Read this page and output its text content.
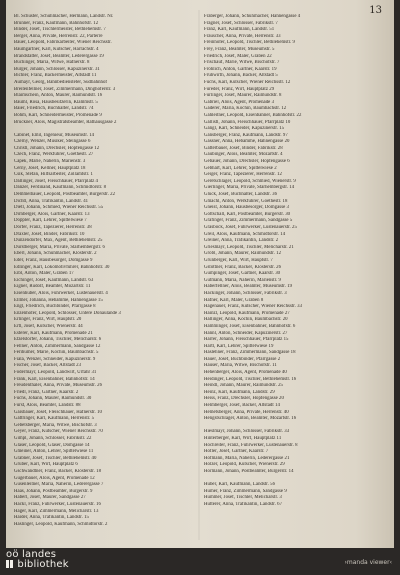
13
Bl. Schuster, Schuhmacher, Hermann, Landstr. Nr.
Brunner, Franz, Kaufmann, Bahnhofstr. 12
Binder, Josef, Tischlermeister, Bethlehemstr. 7
Berger, Anna, Private, Herrenstr. 22, Parterre
Bauer, Leopold, Fabrikarbeiter, Wiener Reichsstr.
Baumgartner, Karl, Kutscher, Harrachstr. 4
Brandstätter, Josef, Beamter, Lederergasse 19
Buchinger, Maria, Witwe, Hafnerstr. 8
Burger, Johann, Schlosser, Kapuzinerstr. 31
Bichler, Franz, Bäckermeister, Altstadt 11
Aumayr, Georg, Bahnbediensteter, Südbahnhof
Breitenfellner, Josef, Zimmermann, Dinghoferstr. 3
Blaimschein, Anton, Maurer, Raimundstr. 16
Bäuml, Rosa, Hausbesitzerin, Klammstr. 5
Baier, Friedrich, Buchhalter, Landstr. 74
Böhm, Karl, Schneidermeister, Promenade 9
Bruckner, Alois, Magistratsbeamter, Rathausgasse 2
Cabinet, Emil, Ingenieur, Museumstr. 14
Czerny, Wenzel, Musiker, Steingasse 6
Christl, Johann, Drechsler, Hopfengasse 12
Czech, Franz, Werkführer, Goethestr. 27
Capek, Marie, Näherin, Marienstr. 3
Cerny, Josef, Kellner, Hauptplatz 18
Csik, Stefan, Hilfsarbeiter, Zollamtstr. 1
Dallinger, Josef, Fleischhauer, Pfarrplatz 4
Danzer, Ferdinand, Kaufmann, Schmidtorstr. 8
Demmelbauer, Leopold, Postbeamter, Bürgerstr. 22
Dichtl, Anna, Trafikantin, Landstr. 41
Dietl, Johann, Schmied, Wiener Reichsstr. 55
Dirnberger, Alois, Gärtner, Kaarstr. 13
Doppler, Karl, Lehrer, Spittelwiese 7
Dorfer, Franz, Tapezierer, Herrenstr. 38
Draxler, Josef, Binder, Fabrikstr. 10
Dunzendorfer, Max, Agent, Bethlehemstr. 25
Durstberger, Maria, Private, Starhembergstr. 6
Eberl, Johann, Schuhmacher, Klosterstr. 2
Eder, Franz, Hausbesorger, Domgasse 9
Edlinger, Karl, Lokomotivführer, Bahnhofstr. 30
Eibl, Anton, Maler, Graben 17
Eichinger, Josef, Kaufmann, Landstr. 63
Eigner, Rudolf, Beamter, Mozartstr. 11
Eisenhuber, Alois, Fuhrwerker, Lustenauerstr. 4
Ellmer, Johanna, Hebamme, Hahnengasse 15
Engl, Friedrich, Buchbinder, Pfarrgasse 8
Enzenhofer, Leopold, Schlosser, Untere Donaulände 3
Erlinger, Franz, Wirt, Hauptstr. 20
Ertl, Josef, Kutscher, Wienerstr. 44
Esterer, Karl, Kaufmann, Promenade 21
Etzelstorfer, Johann, Tischler, Melicharstr. 6
Fellner, Anton, Zimmermann, Sandgasse 12
Ferihumer, Marie, Köchin, Baumbachstr. 5
Fiala, Wenzel, Schneider, Kapuzinerstr. 9
Fischer, Josef, Bäcker, Altstadt 23
Födermayr, Leopold, Landwirt, Urfahr 31
Frank, Karl, Eisenbahner, Bahnhofstr. 14
Freudenthaler, Anna, Private, Museumstr. 26
Friedl, Franz, Gärtner, Kaarstr. 2
Fuchs, Johann, Maurer, Raimundstr. 30
Fürst, Alois, Beamter, Landstr. 88
Gaisbauer, Josef, Fleischhauer, Hafnerstr. 10
Gattringer, Karl, Kaufmann, Herrenstr. 5
Gebetsberger, Maria, Witwe, Bischofstr. 3
Geyer, Franz, Kutscher, Wiener Reichsstr. 70
Gimpl, Johann, Schlosser, Fabrikstr. 22
Glaser, Leopold, Glaser, Domgasse 14
Gmeiner, Anton, Lehrer, Spittelwiese 11
Grabner, Josef, Tischler, Bethlehemstr. 40
Gruber, Karl, Wirt, Hauptplatz 6
Gschwandtner, Franz, Bäcker, Klosterstr. 18
Gugerbauer, Alois, Agent, Promenade 12
Gusenleitner, Maria, Näherin, Lederergasse 7
Haas, Johann, Postbeamter, Bürgerstr. 9
Haberl, Josef, Maurer, Sandgasse 27
Hackl, Franz, Fuhrwerker, Lustenauerstr. 16
Hager, Karl, Zimmermann, Melicharstr. 13
Haider, Anna, Trafikantin, Landstr. 15
Haslinger, Leopold, Kaufmann, Schmidtorstr. 2
Fraberger, Johann, Schuhmacher, Hahnengasse 4
Fragner, Josef, Schlosser, Fabrikstr. 7
Franz, Karl, Kaufmann, Landstr. 51
Frauscher, Anna, Private, Herrenstr. 33
Freinhofer, Leopold, Tischler, Bethlehemstr. 9
Frey, Franz, Beamter, Museumstr. 5
Friedrich, Josef, Maler, Graben 22
Frischauf, Marie, Witwe, Bischofstr. 7
Fröhlich, Anton, Gärtner, Kaarstr. 19
Frühwirth, Johann, Bäcker, Altstadt 5
Fuchs, Karl, Kutscher, Wiener Reichsstr. 12
Füreder, Franz, Wirt, Hauptplatz 29
Fürlinger, Josef, Maurer, Raimundstr. 8
Gabriel, Alois, Agent, Promenade 3
Gaderer, Maria, Köchin, Baumbachstr. 12
Gahleitner, Leopold, Eisenbahner, Bahnhofstr. 22
Gallistl, Johann, Fleischhauer, Pfarrplatz 10
Gangl, Karl, Schneider, Kapuzinerstr. 15
Gansberger, Franz, Kaufmann, Landstr. 97
Gassner, Anna, Hebamme, Hahnengasse 20
Gatterbauer, Josef, Binder, Fabrikstr. 28
Gaubinger, Alois, Beamter, Mozartstr. 4
Gebauer, Johann, Drechsler, Hopfengasse 6
Gebhart, Karl, Lehrer, Spittelwiese 2
Geiger, Franz, Tapezierer, Herrenstr. 12
Geretschläger, Leopold, Schmied, Wienerstr. 9
Gierlinger, Maria, Private, Starhembergstr. 14
Glück, Josef, Buchhalter, Landstr. 36
Gmachl, Anton, Werkführer, Goethestr. 18
Gneist, Johann, Hausbesorger, Domgasse 3
Gottschall, Karl, Postbeamter, Bürgerstr. 30
Grafinger, Franz, Zimmermann, Sandgasse 5
Grasböck, Josef, Fuhrwerker, Lustenauerstr. 25
Greil, Alois, Kaufmann, Schmidtorstr. 14
Greiner, Anna, Trafikantin, Landstr. 2
Griesmayr, Leopold, Tischler, Melicharstr. 21
Gröbl, Johann, Maurer, Raimundstr. 12
Grünberger, Karl, Wirt, Hauptstr. 7
Gstöttner, Franz, Bäcker, Klosterstr. 26
Gumpinger, Josef, Gärtner, Kaarstr. 30
Gutmann, Maria, Näherin, Marienstr. 9
Haberfellner, Alois, Beamter, Museumstr. 19
Hackinger, Johann, Schlosser, Fabrikstr. 3
Hafner, Karl, Maler, Graben 8
Hagenauer, Franz, Kutscher, Wiener Reichsstr. 33
Hainzl, Leopold, Kaufmann, Promenade 27
Hallinger, Anna, Köchin, Baumbachstr. 20
Hamminger, Josef, Eisenbahner, Bahnhofstr. 6
Hannl, Anton, Schneider, Kapuzinerstr. 27
Harrer, Johann, Fleischhauer, Pfarrplatz 15
Hartl, Karl, Lehrer, Spittelwiese 19
Haslehner, Franz, Zimmermann, Sandgasse 18
Hauer, Josef, Buchbinder, Pfarrgasse 2
Hauser, Maria, Witwe, Bischofstr. 11
Hehenberger, Alois, Agent, Promenade 40
Heidinger, Leopold, Tischler, Bethlehemstr. 16
Heindl, Johann, Maurer, Raimundstr. 25
Heinz, Karl, Kaufmann, Landstr. 29
Heiss, Franz, Drechsler, Hopfengasse 20
Helmberger, Josef, Bäcker, Altstadt 14
Hemetsberger, Anna, Private, Herrenstr. 40
Hengstschläger, Anton, Beamter, Mozartstr. 16
Hieslmayr, Johann, Schlosser, Fabrikstr. 33
Hinterberger, Karl, Wirt, Hauptplatz 11
Hochreiter, Franz, Fuhrwerker, Lustenauerstr. 8
Höfler, Josef, Gärtner, Kaarstr. 7
Hofmann, Maria, Näherin, Lederergasse 21
Holzer, Leopold, Kutscher, Wienerstr. 29
Hörmann, Johann, Postbeamter, Bürgerstr. 14
Huber, Karl, Kaufmann, Landstr. 56
Humer, Franz, Zimmermann, Sandgasse 9
Hummer, Josef, Tischler, Melicharstr. 3
Hutterer, Anna, Trafikantin, Landstr. 67
oö landes
bibliothek	›manda viewer‹
